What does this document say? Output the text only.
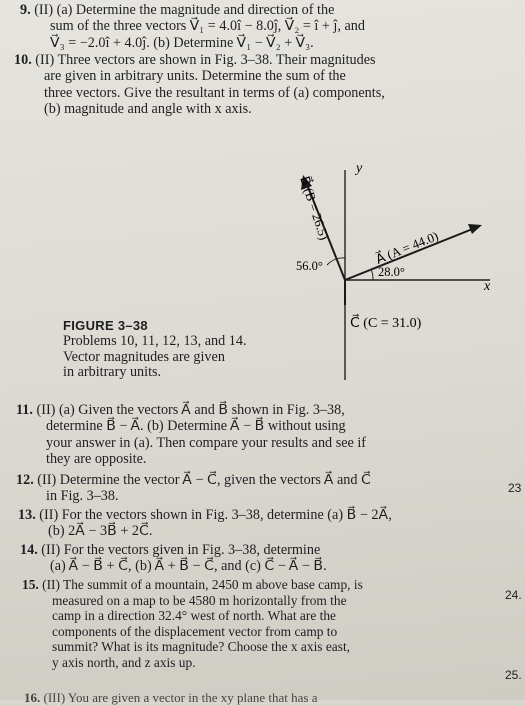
9. (II) (a) Determine the magnitude and direction of the
sum of the three vectors V⃗₁ = 4.0î − 8.0ĵ, V⃗₂ = î + ĵ, and
V⃗₃ = −2.0î + 4.0ĵ. (b) Determine V⃗₁ − V⃗₂ + V⃗₃.
10. (II) Three vectors are shown in Fig. 3–38. Their magnitudes
are given in arbitrary units. Determine the sum of the
three vectors. Give the resultant in terms of (a) components,
(b) magnitude and angle with x axis.
y
x
B⃗ (B = 26.5)
A⃗ (A = 44.0)
C⃗ (C = 31.0)
56.0°	28.0°
FIGURE 3–38
Problems 10, 11, 12, 13, and 14.
Vector magnitudes are given
in arbitrary units.
11. (II) (a) Given the vectors A⃗ and B⃗ shown in Fig. 3–38,
determine B⃗ − A⃗. (b) Determine A⃗ − B⃗ without using
your answer in (a). Then compare your results and see if
they are opposite.
12. (II) Determine the vector A⃗ − C⃗, given the vectors A⃗ and C⃗
in Fig. 3–38.
13. (II) For the vectors shown in Fig. 3–38, determine (a) B⃗ − 2A⃗,
(b) 2A⃗ − 3B⃗ + 2C⃗.
14. (II) For the vectors given in Fig. 3–38, determine
(a) A⃗ − B⃗ + C⃗, (b) A⃗ + B⃗ − C⃗, and (c) C⃗ − A⃗ − B⃗.
15. (II) The summit of a mountain, 2450 m above base camp, is
measured on a map to be 4580 m horizontally from the
camp in a direction 32.4° west of north. What are the
components of the displacement vector from camp to
summit? What is its magnitude? Choose the x axis east,
y axis north, and z axis up.
16. (III) You are given a vector in the xy plane that has a
23
24.
25.
